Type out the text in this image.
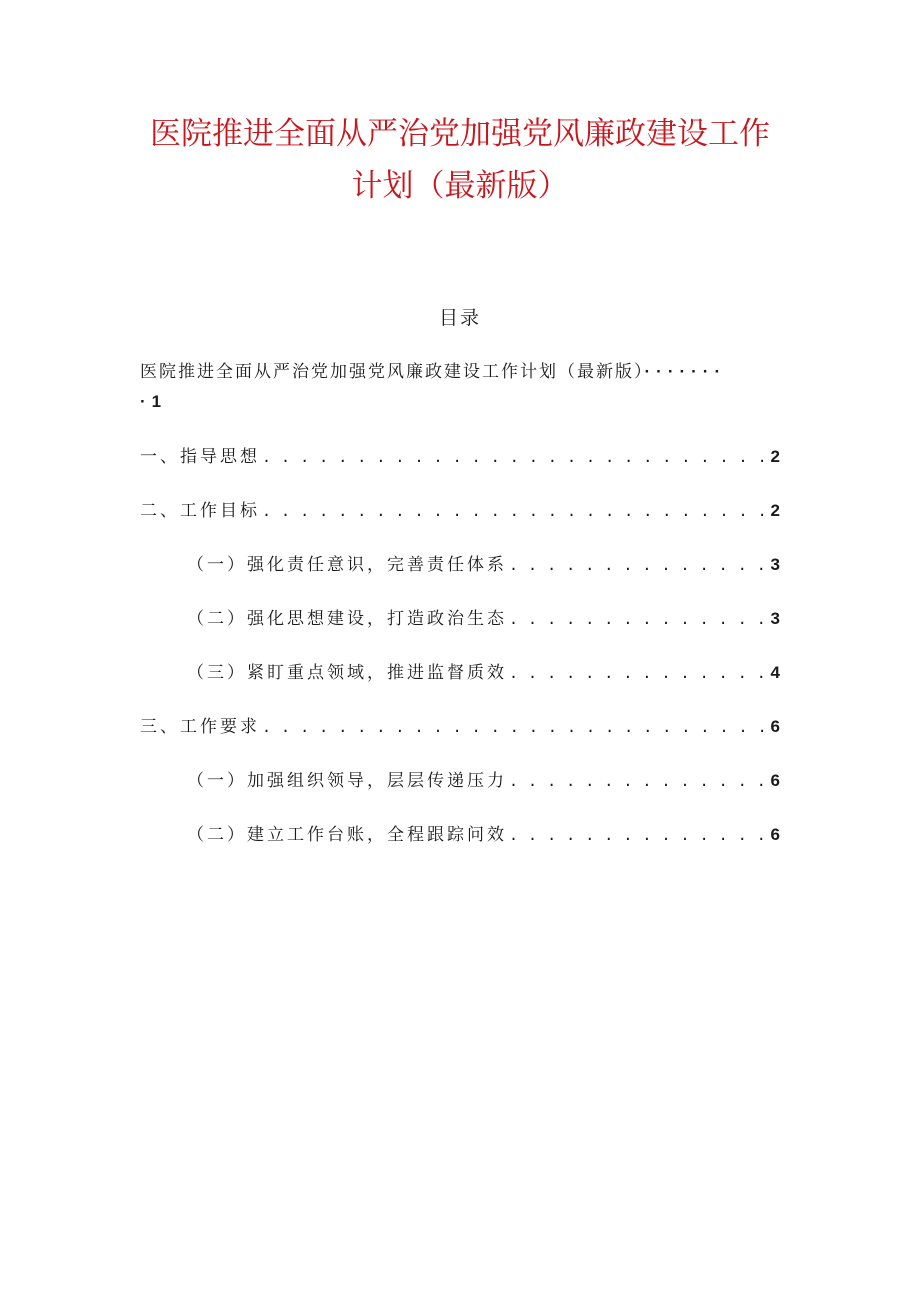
医院推进全面从严治党加强党风廉政建设工作
计划（最新版）
目录
医院推进全面从严治党加强党风廉政建设工作计划（最新版）·······
·1
一、指导思想 . . .	2
二、工作目标 . . .	2
（一）强化责任意识，完善责任体系 . . .	3
（二）强化思想建设，打造政治生态 . . .	3
（三）紧盯重点领域，推进监督质效 . . .	4
三、工作要求 . . .	6
（一）加强组织领导，层层传递压力 . . .	6
（二）建立工作台账，全程跟踪问效 . . .	6
